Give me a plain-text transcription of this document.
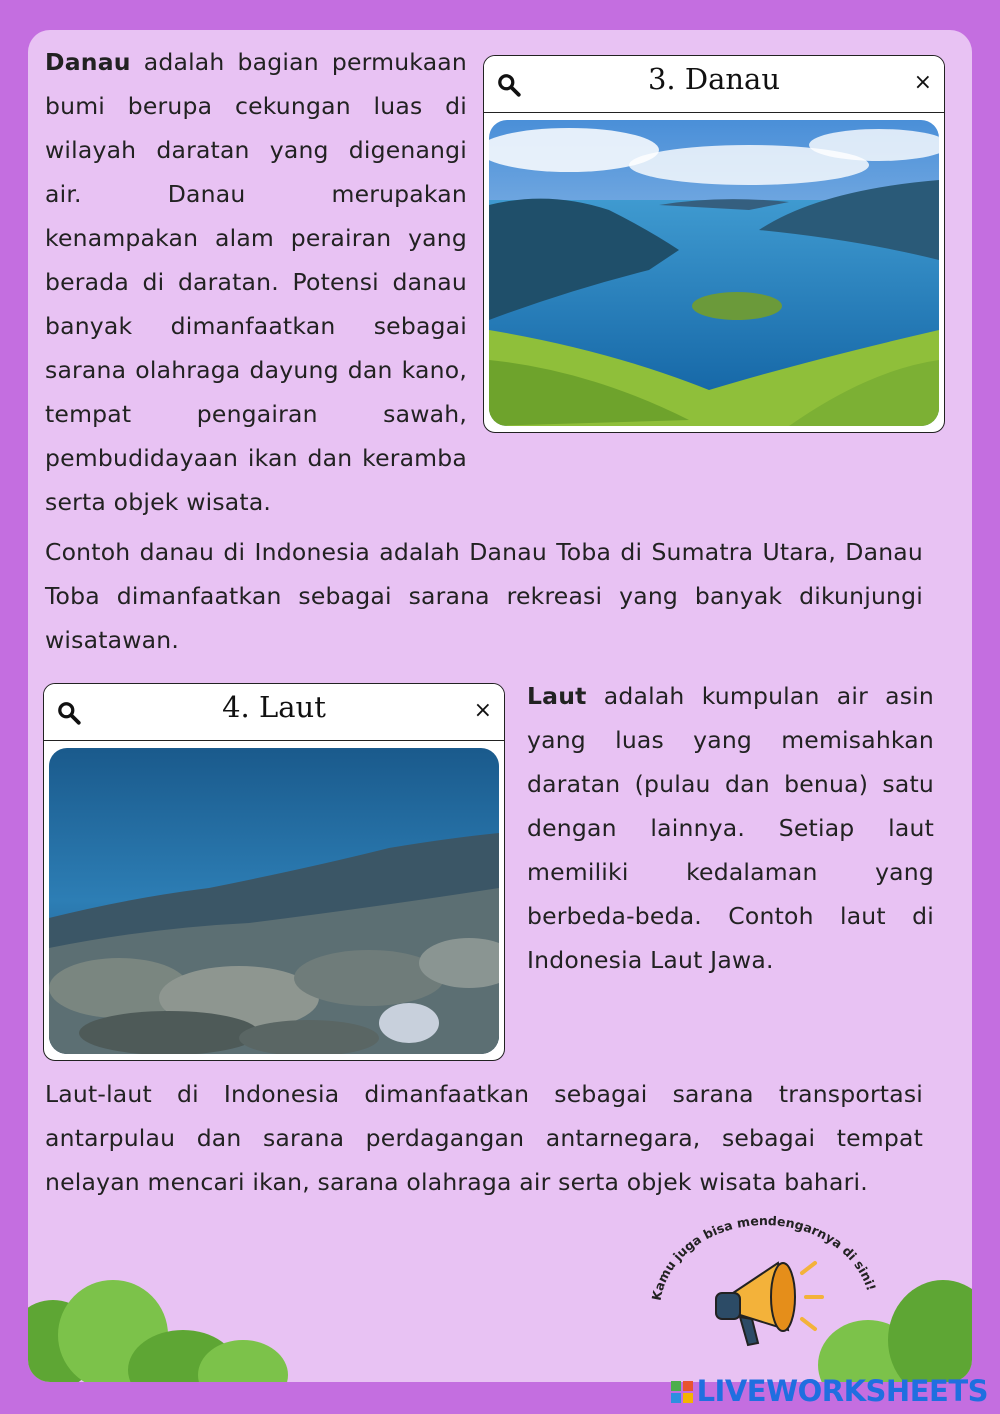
Danau adalah bagian permukaan bumi berupa cekungan luas di wilayah daratan yang digenangi air. Danau merupakan kenampakan alam perairan yang berada di daratan. Potensi danau banyak dimanfaatkan sebagai sarana olahraga dayung dan kano, tempat pengairan sawah, pembudidayaan ikan dan keramba serta objek wisata.

3. Danau	×

Contoh danau di Indonesia adalah Danau Toba di Sumatra Utara, Danau Toba dimanfaatkan sebagai sarana rekreasi yang banyak dikunjungi wisatawan.

4. Laut	×

Laut adalah kumpulan air asin yang luas yang memisahkan daratan (pulau dan benua) satu dengan lainnya. Setiap laut memiliki kedalaman yang berbeda-beda. Contoh laut di Indonesia Laut Jawa.

Laut-laut di Indonesia dimanfaatkan sebagai sarana transportasi antarpulau dan sarana perdagangan antarnegara, sebagai tempat nelayan mencari ikan, sarana olahraga air serta objek wisata bahari.

Kamu juga bisa mendengarnya di sini!
LIVEWORKSHEETS
